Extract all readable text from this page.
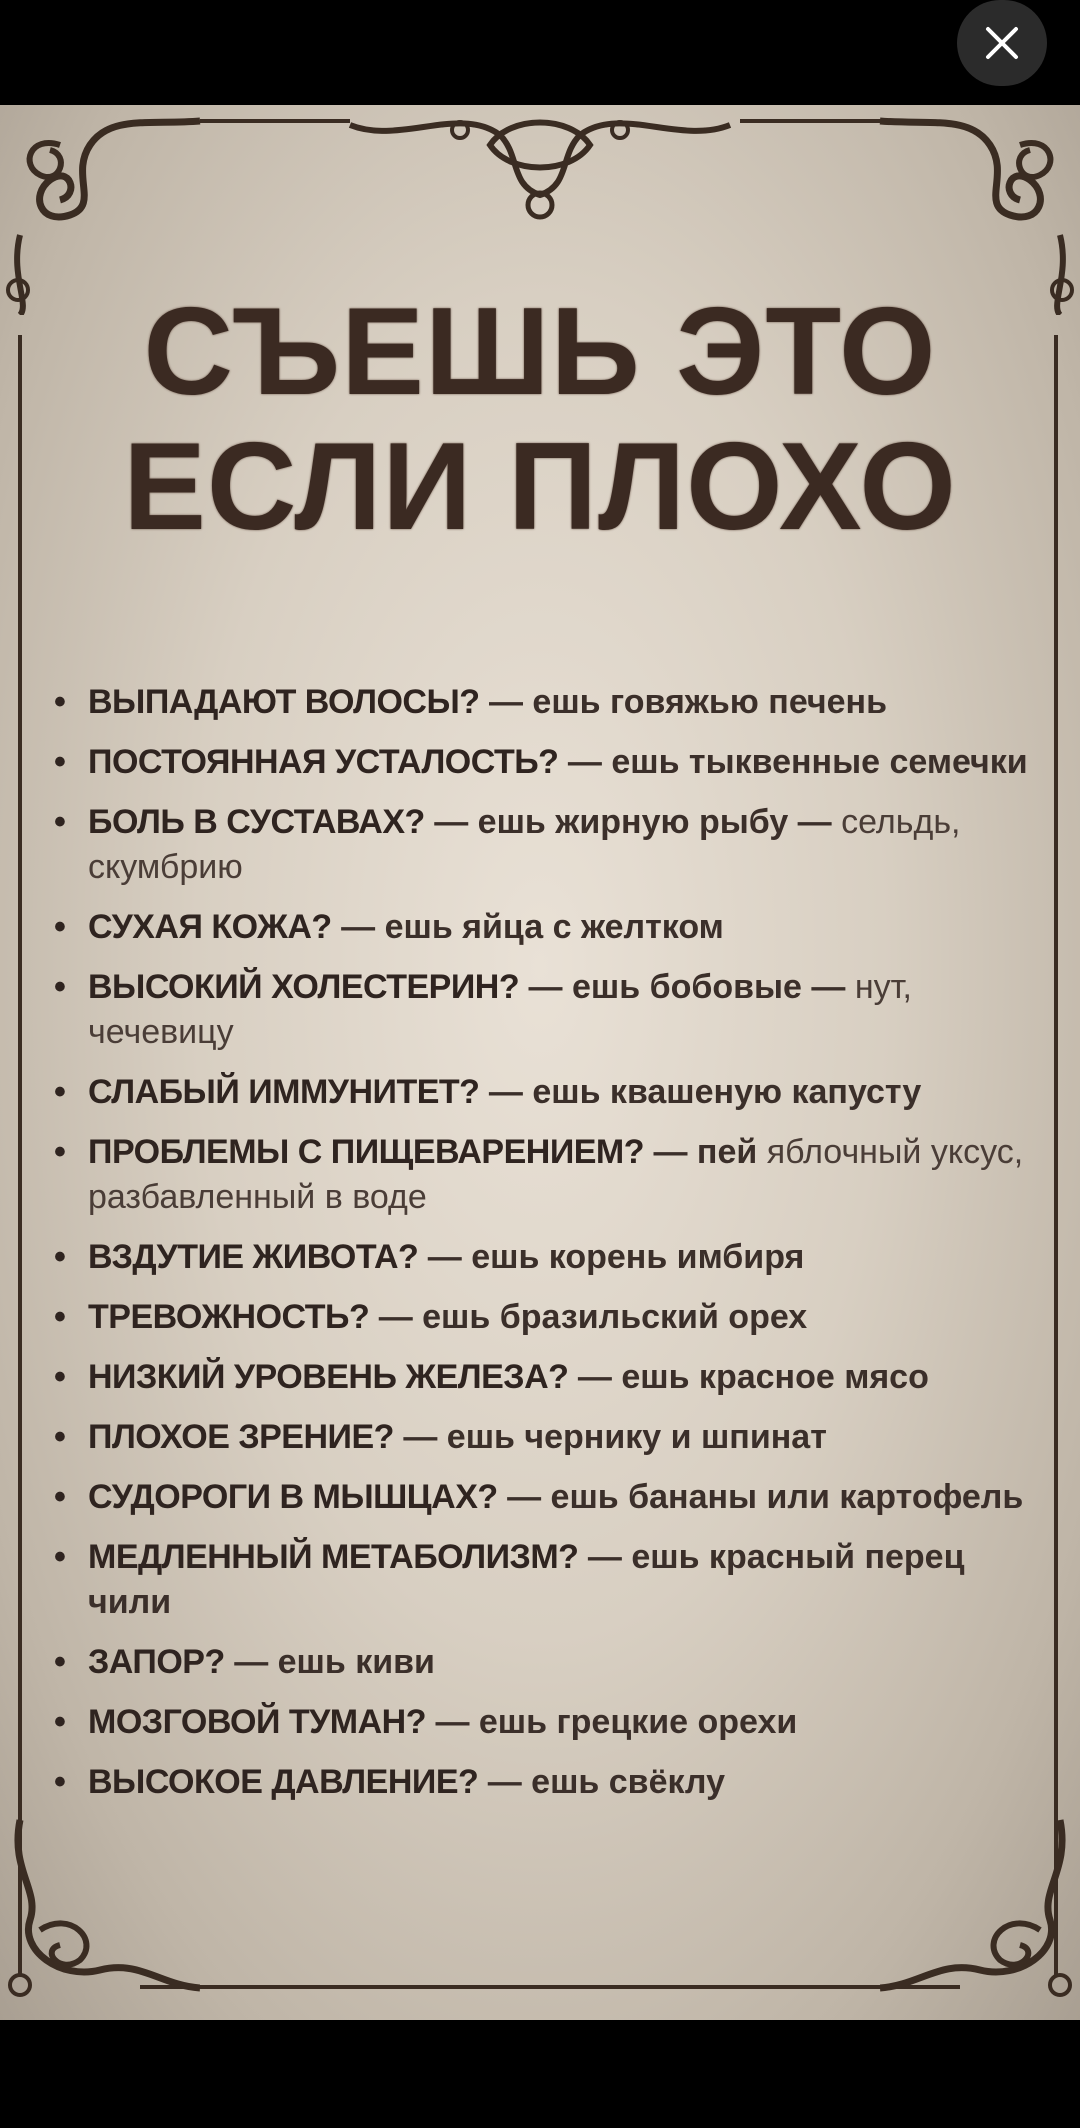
СЪЕШЬ ЭТО
ЕСЛИ ПЛОХО
• ВЫПАДАЮТ ВОЛОСЫ? — ешь говяжью печень
• ПОСТОЯННАЯ УСТАЛОСТЬ? — ешь тыквенные семечки
• БОЛЬ В СУСТАВАХ? — ешь жирную рыбу — сельдь, скумбрию
• СУХАЯ КОЖА? — ешь яйца с желтком
• ВЫСОКИЙ ХОЛЕСТЕРИН? — ешь бобовые — нут, чечевицу
• СЛАБЫЙ ИММУНИТЕТ? — ешь квашеную капусту
• ПРОБЛЕМЫ С ПИЩЕВАРЕНИЕМ? — пей яблочный уксус, разбавленный в воде
• ВЗДУТИЕ ЖИВОТА? — ешь корень имбиря
• ТРЕВОЖНОСТЬ? — ешь бразильский орех
• НИЗКИЙ УРОВЕНЬ ЖЕЛЕЗА? — ешь красное мясо
• ПЛОХОЕ ЗРЕНИЕ? — ешь чернику и шпинат
• СУДОРОГИ В МЫШЦАХ? — ешь бананы или картофель
• МЕДЛЕННЫЙ МЕТАБОЛИЗМ? — ешь красный перец чили
• ЗАПОР? — ешь киви
• МОЗГОВОЙ ТУМАН? — ешь грецкие орехи
• ВЫСОКОЕ ДАВЛЕНИЕ? — ешь свёклу
